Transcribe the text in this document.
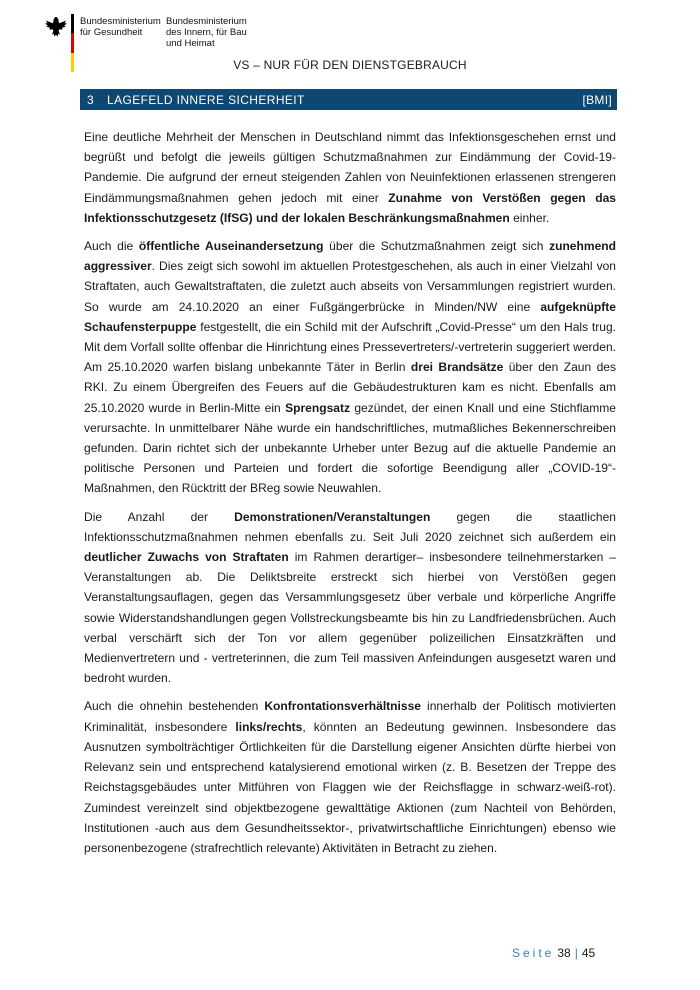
Bundesministerium
für Gesundheit
Bundesministerium
des Innern, für Bau
und Heimat
VS – NUR FÜR DEN DIENSTGEBRAUCH
3	LAGEFELD INNERE SICHERHEIT	[BMI]

Eine deutliche Mehrheit der Menschen in Deutschland nimmt das Infektionsgeschehen ernst und begrüßt und befolgt die jeweils gültigen Schutzmaßnahmen zur Eindämmung der Covid-19-Pandemie. Die aufgrund der erneut steigenden Zahlen von Neuinfektionen erlassenen strengeren Eindämmungsmaßnahmen gehen jedoch mit einer Zunahme von Verstößen gegen das Infektionsschutzgesetz (IfSG) und der lokalen Beschränkungsmaßnahmen einher.

Auch die öffentliche Auseinandersetzung über die Schutzmaßnahmen zeigt sich zunehmend aggressiver. Dies zeigt sich sowohl im aktuellen Protestgeschehen, als auch in einer Vielzahl von Straftaten, auch Gewaltstraftaten, die zuletzt auch abseits von Versammlungen registriert wurden. So wurde am 24.10.2020 an einer Fußgängerbrücke in Minden/NW eine aufgeknüpfte Schaufensterpuppe festgestellt, die ein Schild mit der Aufschrift „Covid-Presse“ um den Hals trug. Mit dem Vorfall sollte offenbar die Hinrichtung eines Pressevertreters/-vertreterin suggeriert werden. Am 25.10.2020 warfen bislang unbekannte Täter in Berlin drei Brandsätze über den Zaun des RKI. Zu einem Übergreifen des Feuers auf die Gebäudestrukturen kam es nicht. Ebenfalls am 25.10.2020 wurde in Berlin-Mitte ein Sprengsatz gezündet, der einen Knall und eine Stichflamme verursachte. In unmittelbarer Nähe wurde ein handschriftliches, mutmaßliches Bekennerschreiben gefunden. Darin richtet sich der unbekannte Urheber unter Bezug auf die aktuelle Pandemie an politische Personen und Parteien und fordert die sofortige Beendigung aller „COVID-19“-Maßnahmen, den Rücktritt der BReg sowie Neuwahlen.

Die Anzahl der Demonstrationen/Veranstaltungen gegen die staatlichen Infektionsschutzmaßnahmen nehmen ebenfalls zu. Seit Juli 2020 zeichnet sich außerdem ein deutlicher Zuwachs von Straftaten im Rahmen derartiger– insbesondere teilnehmerstarken – Veranstaltungen ab. Die Deliktsbreite erstreckt sich hierbei von Verstößen gegen Veranstaltungsauflagen, gegen das Versammlungsgesetz über verbale und körperliche Angriffe sowie Widerstandshandlungen gegen Vollstreckungsbeamte bis hin zu Landfriedensbrüchen. Auch verbal verschärft sich der Ton vor allem gegenüber polizeilichen Einsatzkräften und Medienvertretern und - vertreterinnen, die zum Teil massiven Anfeindungen ausgesetzt waren und bedroht wurden.

Auch die ohnehin bestehenden Konfrontationsverhältnisse innerhalb der Politisch motivierten Kriminalität, insbesondere links/rechts, könnten an Bedeutung gewinnen. Insbesondere das Ausnutzen symbolträchtiger Örtlichkeiten für die Darstellung eigener Ansichten dürfte hierbei von Relevanz sein und entsprechend katalysierend emotional wirken (z. B. Besetzen der Treppe des Reichstagsgebäudes unter Mitführen von Flaggen wie der Reichsflagge in schwarz-weiß-rot). Zumindest vereinzelt sind objektbezogene gewalttätige Aktionen (zum Nachteil von Behörden, Institutionen -auch aus dem Gesundheitssektor-, privatwirtschaftliche Einrichtungen) ebenso wie personenbezogene (strafrechtlich relevante) Aktivitäten in Betracht zu ziehen.

Seite 38 | 45
